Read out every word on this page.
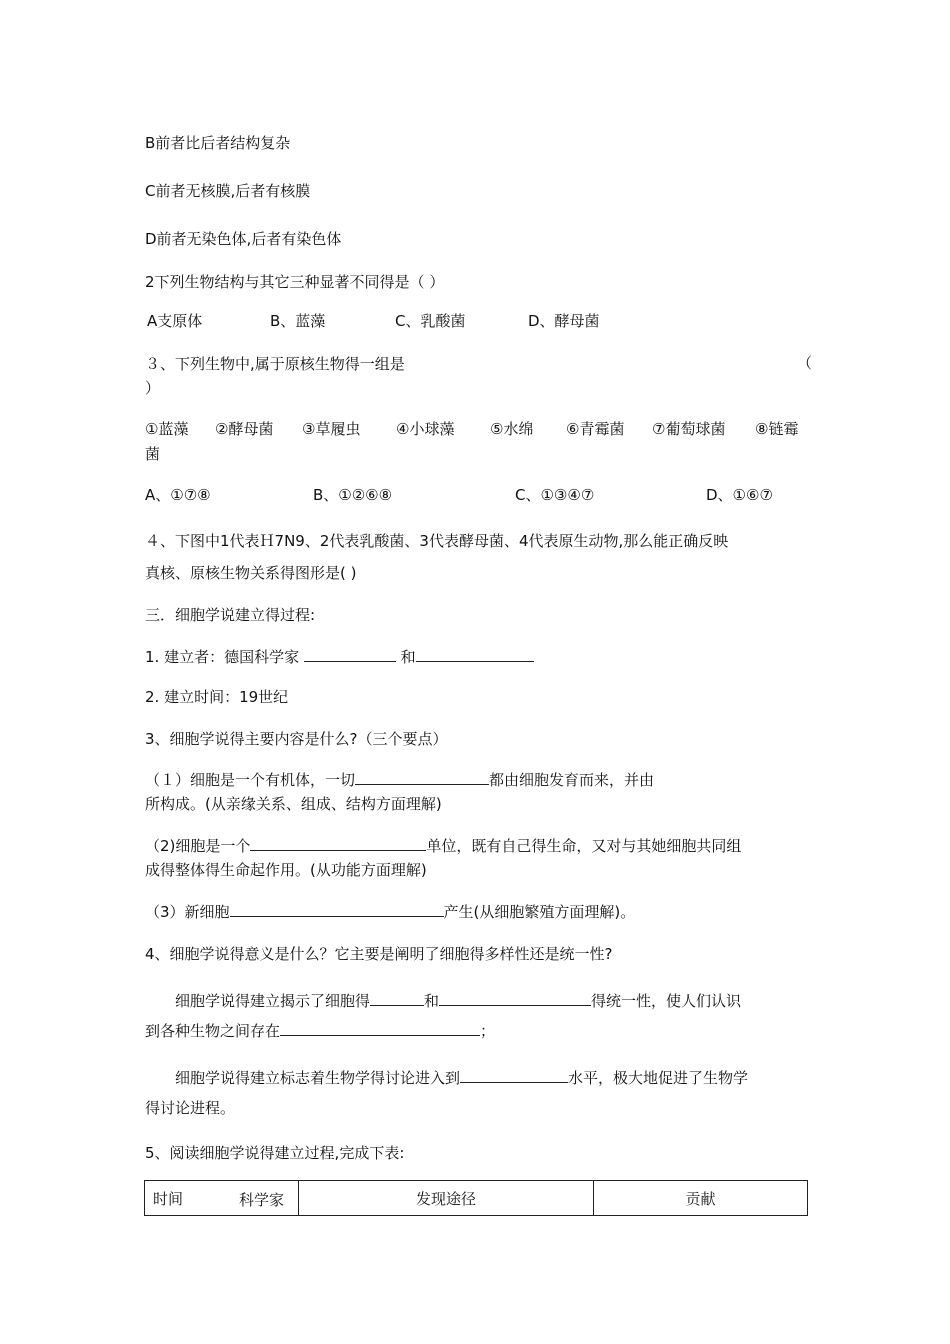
B前者比后者结构复杂
C前者无核膜,后者有核膜
D前者无染色体,后者有染色体
2下列生物结构与其它三种显著不同得是（ ）
A支原体	B、蓝藻	C、乳酸菌	D、酵母菌
３、下列生物中,属于原核生物得一组是	（
）
①蓝藻 ②酵母菌 ③草履虫 ④小球藻 ⑤水绵 ⑥青霉菌 ⑦葡萄球菌 ⑧链霉
菌
A、①⑦⑧	B、①②⑥⑧	C、①③④⑦	D、①⑥⑦
４、下图中1代表Ｈ7N9、2代表乳酸菌、3代表酵母菌、4代表原生动物,那么能正确反映
真核、原核生物关系得图形是( )
三．细胞学说建立得过程:
1. 建立者：德国科学家	和
2. 建立时间：19世纪
3、细胞学说得主要内容是什么?（三个要点）
（１）细胞是一个有机体，一切	都由细胞发育而来，并由
所构成。(从亲缘关系、组成、结构方面理解)
（2)细胞是一个	单位，既有自己得生命，又对与其她细胞共同组
成得整体得生命起作用。(从功能方面理解)
（3）新细胞	产生(从细胞繁殖方面理解)。
4、细胞学说得意义是什么？它主要是阐明了细胞得多样性还是统一性?
细胞学说得建立揭示了细胞得	和	得统一性，使人们认识
到各种生物之间存在	；
细胞学说得建立标志着生物学得讨论进入到	水平，极大地促进了生物学
得讨论进程。
5、阅读细胞学说得建立过程,完成下表:
时间	科学家	发现途径	贡献
